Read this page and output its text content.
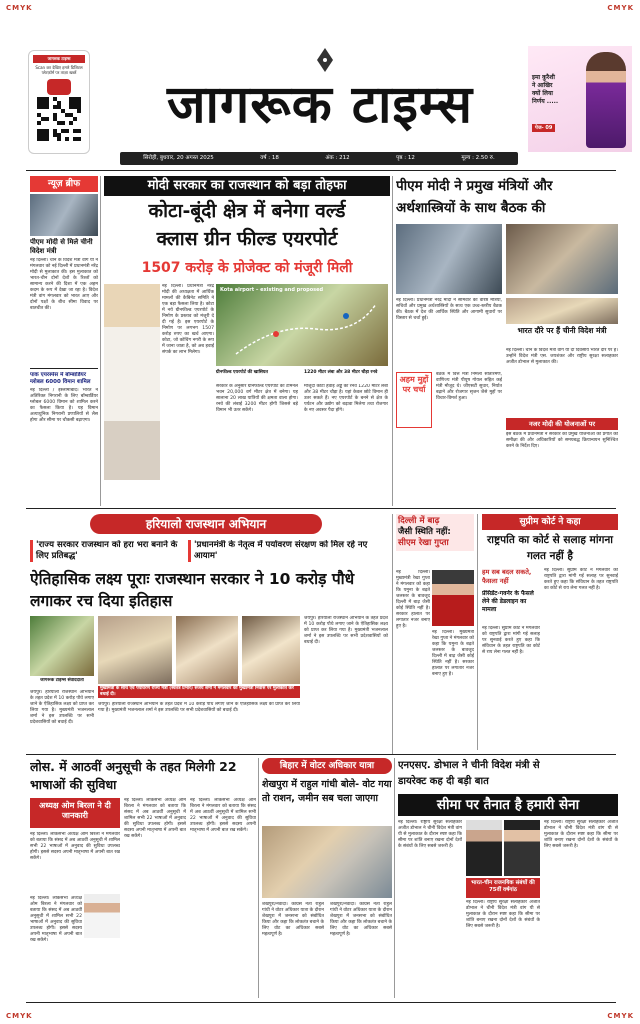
CMYK	CMYK
CMYK	CMYK
जागरूक टाइम्स
Scan कर देखिए हमारे डिजिटल प्लेटफ़ॉर्म पर ताज़ा खबरें
जागरूक टाइम्स	इमा कुरैशी
ने आखिर
क्यों लिया
निर्णय .....
पेज- 09
सिरोही, बुधवार, 20 अगस्त 2025	वर्ष : 18	अंक : 212	पृष्ठ : 12	मूल्य : 2.50 रु.
न्यूज़ ब्रीफ
पीएम मोदी से मिले चीनी विदेश मंत्री
नई दिल्ली। चीन के विदेश मंत्री वांग यी ने मंगलवार को नई दिल्ली में प्रधानमंत्री नरेंद्र मोदी से मुलाकात की। इस मुलाकात को भारत-चीन दोनों देशों के रिश्तों को सामान्य करने की दिशा में एक अहम कदम के रूप में देखा जा रहा है। विदेश मंत्री वांग मंगलवार को भारत आए और दोनों पक्षों के बीच सीमा विवाद पर बातचीत की।
पाक एयरस्पेस में बॉम्बार्डियर ग्लोबल 6000 विमान शामिल
नई दिल्ली / इस्लामाबाद। भारत ने अतिरिक्त निगरानी के लिए बॉम्बार्डियर ग्लोबल 6000 विमान को शामिल करने का फैसला किया है। यह विमान अत्याधुनिक निगरानी प्रणालियों से लैस होगा और सीमा पर चौकसी बढ़ाएगा।
मोदी सरकार का राजस्थान को बड़ा तोहफा
कोटा-बूंदी क्षेत्र में बनेगा वर्ल्ड
क्लास ग्रीन फील्ड एयरपोर्ट
1507 करोड़ के प्रोजेक्ट को मंजूरी मिली
नई दिल्ली। प्रधानमंत्री नरेंद्र मोदी की अध्यक्षता में आर्थिक मामलों की कैबिनेट समिति ने एक बड़ा फैसला लिया है। कोटा में नये ग्रीनफील्ड एयरपोर्ट के निर्माण के प्रस्ताव को मंजूरी दे दी गई है। इस एयरपोर्ट के निर्माण पर लगभग 1507 करोड़ रुपए का खर्च आएगा। कोटा, जो कोचिंग नगरी के रूप में जाना जाता है, को अब हवाई संपर्क का लाभ मिलेगा।
Kota airport – existing and proposed
ग्रीनफील्ड एयरपोर्ट की खासियत
सरकार के अनुसार ग्रीनफील्ड एयरपोर्ट का टर्मिनल भवन 20,000 वर्ग मीटर क्षेत्र में बनेगा। यह सालाना 20 लाख यात्रियों की क्षमता वाला होगा। रनवे की लंबाई 3200 मीटर होगी जिससे बड़े विमान भी उतर सकेंगे।
1220 मीटर लंबा और 38 मीटर चौड़ा रनवे
मौजूदा कोटा हवाई अड्डे का रनवे 1220 मीटर लंबा और 38 मीटर चौड़ा है। यहां केवल छोटे विमान ही उतर सकते हैं। नए एयरपोर्ट के बनने से क्षेत्र के पर्यटन और उद्योग को बढ़ावा मिलेगा तथा रोजगार के नए अवसर पैदा होंगे।
पीएम मोदी ने प्रमुख मंत्रियों और
अर्थशास्त्रियों के साथ बैठक की
नई दिल्ली। प्रधानमंत्री नरेंद्र मोदी ने सोमवार को वरिष्ठ मंत्रियों, सचिवों और प्रमुख अर्थशास्त्रियों के साथ एक उच्च-स्तरीय बैठक की। बैठक में देश की आर्थिक स्थिति और आगामी सुधारों पर विस्तार से चर्चा हुई।
अहम मुद्दों पर चर्चा
बैठक में वित्त मंत्री निर्मला सीतारमण, वाणिज्य मंत्री पीयूष गोयल सहित कई मंत्री मौजूद थे। जीएसटी सुधार, निर्यात बढ़ाने और रोजगार सृजन जैसे मुद्दों पर विचार-विमर्श हुआ।
भारत दौरे पर हैं चीनी विदेश मंत्री
नई दिल्ली। चीन के विदेश मंत्री वांग यी दो दिवसीय भारत दौरे पर हैं। उन्होंने विदेश मंत्री एस. जयशंकर और राष्ट्रीय सुरक्षा सलाहकार अजीत डोभाल से मुलाकात की।
नजर मोदी की योजनाओं पर
इस बैठक में प्रधानमंत्री ने सरकार की प्रमुख योजनाओं की प्रगति की समीक्षा की और अधिकारियों को समयबद्ध क्रियान्वयन सुनिश्चित करने के निर्देश दिए।
हरियालो राजस्थान अभियान
'राज्य सरकार राजस्थान को हरा भरा बनाने के लिए प्रतिबद्ध'
'प्रधानमंत्री के नेतृत्व में पर्यावरण संरक्षण को मिल रहे नए आयाम'
ऐतिहासिक लक्ष्य पूराः राजस्थान सरकार ने 10 करोड़ पौधे लगाकर रच दिया इतिहास
जागरूक टाइम्स संवाददाता
मुख्यमंत्री के साथ एवं पर्यावरण राज्य मंत्री (स्वतंत्र प्रभार) संजय शर्मा ने मंगलवार को मुख्यमंत्री निवास पर मुलाकात कर बधाई दी।
जयपुर। हरियालो राजस्थान अभियान के तहत प्रदेश में 10 करोड़ पौधे लगाए जाने के ऐतिहासिक लक्ष्य को प्राप्त कर लिया गया है। मुख्यमंत्री भजनलाल शर्मा ने इस उपलब्धि पर सभी प्रदेशवासियों को बधाई दी।
जयपुर। हरियालो राजस्थान अभियान के तहत प्रदेश में 10 करोड़ पौधे लगाए जाने के ऐतिहासिक लक्ष्य को प्राप्त कर लिया गया है। मुख्यमंत्री भजनलाल शर्मा ने इस उपलब्धि पर सभी प्रदेशवासियों को बधाई दी।
जयपुर। हरियालो राजस्थान अभियान के तहत प्रदेश में 10 करोड़ पौधे लगाए जाने के ऐतिहासिक लक्ष्य को प्राप्त कर लिया गया है। मुख्यमंत्री भजनलाल शर्मा ने इस उपलब्धि पर सभी प्रदेशवासियों को बधाई दी।
दिल्ली में बाढ़
जैसी स्थिति नहीं:
सीएम रेखा गुप्ता
नई दिल्ली। मुख्यमंत्री रेखा गुप्ता ने मंगलवार को कहा कि यमुना के बढ़ते जलस्तर के बावजूद दिल्ली में बाढ़ जैसी कोई स्थिति नहीं है। सरकार हालात पर लगातार नजर बनाए हुए है।
नई दिल्ली। मुख्यमंत्री रेखा गुप्ता ने मंगलवार को कहा कि यमुना के बढ़ते जलस्तर के बावजूद दिल्ली में बाढ़ जैसी कोई स्थिति नहीं है। सरकार हालात पर लगातार नजर बनाए हुए है।
सुप्रीम कोर्ट ने कहा
राष्ट्रपति का कोर्ट से सलाह मांगना गलत नहीं है
हम सब बदल सकते, फैसला नहीं
प्रेसिडेंट-गवर्नर के फैसले लेने की डेडलाइन का मामला
नई दिल्ली। सुप्रीम कोर्ट ने मंगलवार को राष्ट्रपति द्वारा मांगी गई सलाह पर सुनवाई करते हुए कहा कि संविधान के तहत राष्ट्रपति का कोर्ट से राय लेना गलत नहीं है।
नई दिल्ली। सुप्रीम कोर्ट ने मंगलवार को राष्ट्रपति द्वारा मांगी गई सलाह पर सुनवाई करते हुए कहा कि संविधान के तहत राष्ट्रपति का कोर्ट से राय लेना गलत नहीं है।
लोस. में आठवीं अनुसूची के तहत मिलेगी 22 भाषाओं की सुविधा
अध्यक्ष ओम बिरला ने दी जानकारी
नई दिल्ली। लोकसभा अध्यक्ष ओम बिरला ने मंगलवार को बताया कि संसद में अब आठवीं अनुसूची में शामिल सभी 22 भाषाओं में अनुवाद की सुविधा उपलब्ध होगी। इससे सदस्य अपनी मातृभाषा में अपनी बात रख सकेंगे।
नई दिल्ली। लोकसभा अध्यक्ष ओम बिरला ने मंगलवार को बताया कि संसद में अब आठवीं अनुसूची में शामिल सभी 22 भाषाओं में अनुवाद की सुविधा उपलब्ध होगी। इससे सदस्य अपनी मातृभाषा में अपनी बात रख सकेंगे।
नई दिल्ली। लोकसभा अध्यक्ष ओम बिरला ने मंगलवार को बताया कि संसद में अब आठवीं अनुसूची में शामिल सभी 22 भाषाओं में अनुवाद की सुविधा उपलब्ध होगी। इससे सदस्य अपनी मातृभाषा में अपनी बात रख सकेंगे।
नई दिल्ली। लोकसभा अध्यक्ष ओम बिरला ने मंगलवार को बताया कि संसद में अब आठवीं अनुसूची में शामिल सभी 22 भाषाओं में अनुवाद की सुविधा उपलब्ध होगी। इससे सदस्य अपनी मातृभाषा में अपनी बात रख सकेंगे।
बिहार में वोटर अधिकार यात्रा
शेखपुरा में राहुल गांधी बोले- वोट गया तो राशन, जमीन सब चला जाएगा
शेखपुरा/नवादा। कांग्रेस नेता राहुल गांधी ने वोटर अधिकार यात्रा के दौरान शेखपुरा में जनसभा को संबोधित किया और कहा कि लोकतंत्र बचाने के लिए वोट का अधिकार सबसे महत्वपूर्ण है।
शेखपुरा/नवादा। कांग्रेस नेता राहुल गांधी ने वोटर अधिकार यात्रा के दौरान शेखपुरा में जनसभा को संबोधित किया और कहा कि लोकतंत्र बचाने के लिए वोट का अधिकार सबसे महत्वपूर्ण है।
एनएसए. डोभाल ने चीनी विदेश मंत्री से
डायरेक्ट कह दी बड़ी बात
सीमा पर तैनात है हमारी सेना
नई दिल्ली। राष्ट्रीय सुरक्षा सलाहकार अजीत डोभाल ने चीनी विदेश मंत्री वांग यी से मुलाकात के दौरान स्पष्ट कहा कि सीमा पर शांति बनाए रखना दोनों देशों के संबंधों के लिए सबसे जरूरी है।
भारत-चीन राजनयिक संबंधों की 75वीं वर्षगांठ
नई दिल्ली। राष्ट्रीय सुरक्षा सलाहकार अजीत डोभाल ने चीनी विदेश मंत्री वांग यी से मुलाकात के दौरान स्पष्ट कहा कि सीमा पर शांति बनाए रखना दोनों देशों के संबंधों के लिए सबसे जरूरी है।
नई दिल्ली। राष्ट्रीय सुरक्षा सलाहकार अजीत डोभाल ने चीनी विदेश मंत्री वांग यी से मुलाकात के दौरान स्पष्ट कहा कि सीमा पर शांति बनाए रखना दोनों देशों के संबंधों के लिए सबसे जरूरी है।
